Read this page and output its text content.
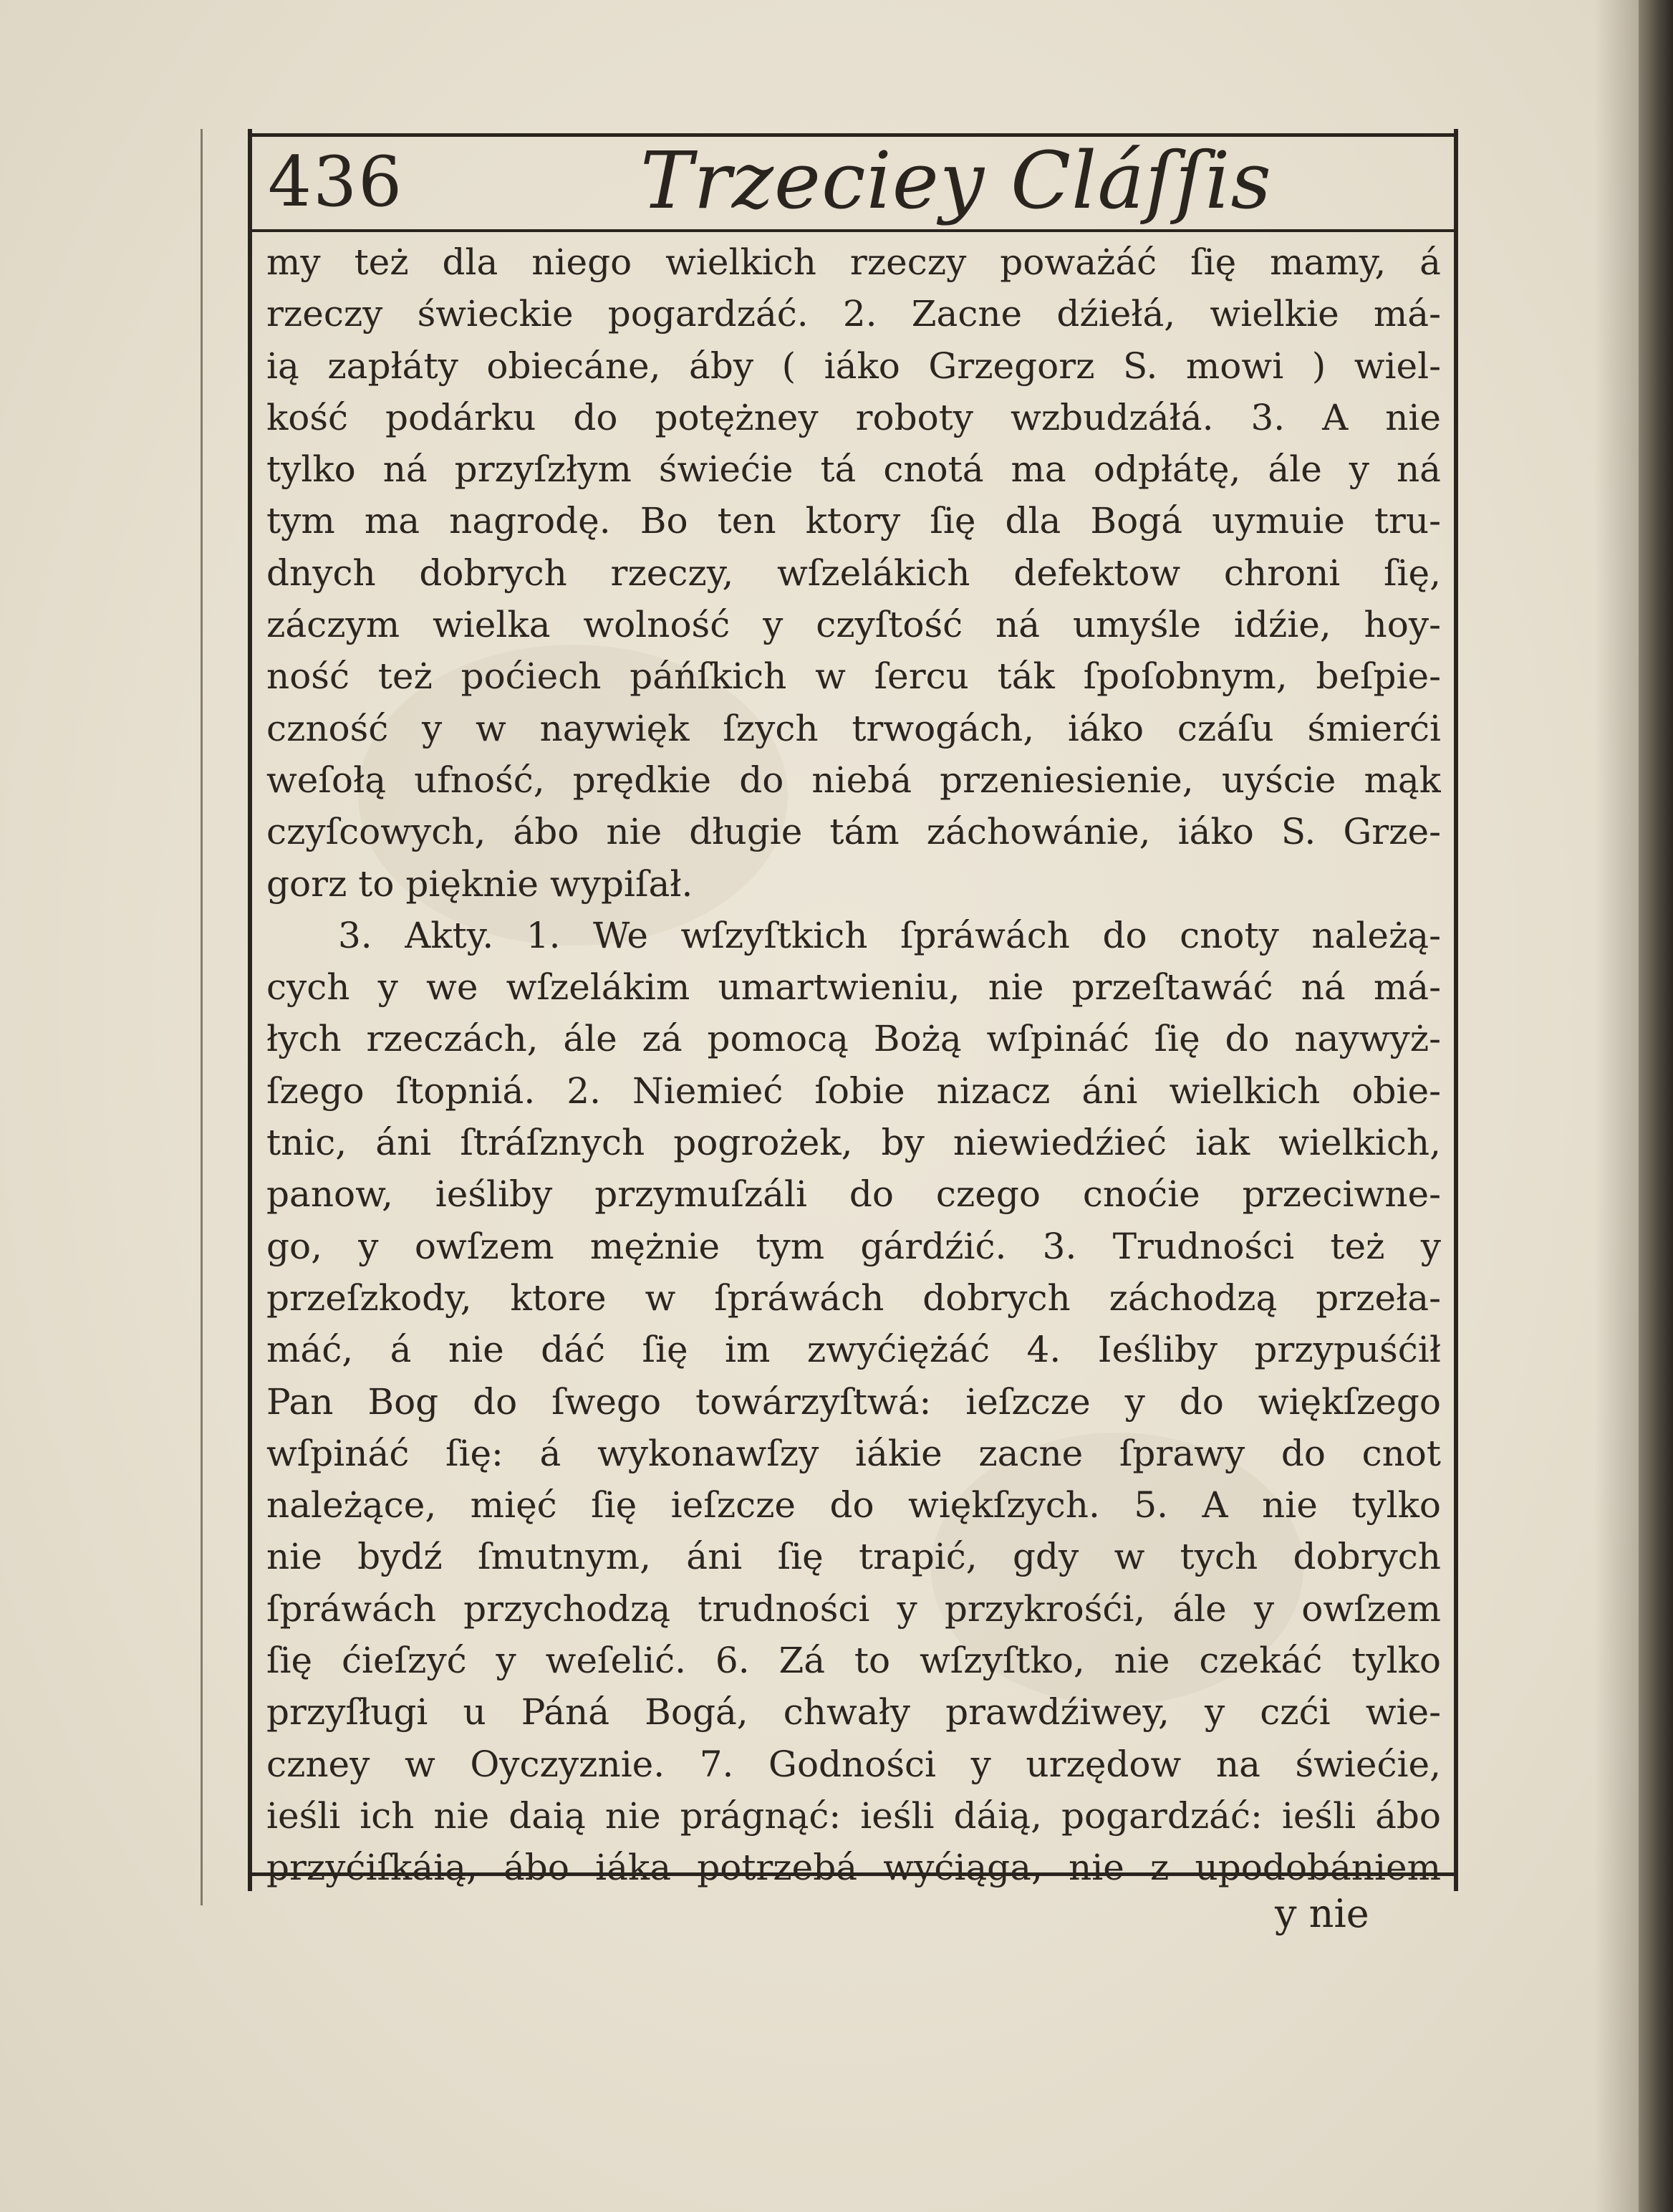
436	Trzeciey Cláſſis
my też dla niego wielkich rzeczy poważáć ſię mamy, á
rzeczy świeckie pogardzáć. 2. Zacne dźiełá, wielkie má-
ią zapłáty obiecáne, áby ( iáko Grzegorz S. mowi ) wiel-
kość podárku do potężney roboty wzbudzáłá. 3. A nie
tylko ná przyſzłym świećie tá cnotá ma odpłátę, ále y ná
tym ma nagrodę. Bo ten ktory ſię dla Bogá uymuie tru-
dnych dobrych rzeczy, wſzelákich defektow chroni ſię,
záczym wielka wolność y czyſtość ná umyśle idźie, hoy-
ność też poćiech páńſkich w ſercu ták ſpoſobnym, beſpie-
czność y w naywięk ſzych trwogách, iáko czáſu śmierći
weſołą ufność, prędkie do niebá przeniesienie, uyście mąk
czyſcowych, ábo nie długie tám záchowánie, iáko S. Grze-
gorz to pięknie wypiſał.
3. Akty. 1. We wſzyſtkich ſpráwách do cnoty należą-
cych y we wſzelákim umartwieniu, nie przeſtawáć ná má-
łych rzeczách, ále zá pomocą Bożą wſpináć ſię do naywyż-
ſzego ſtopniá. 2. Niemieć ſobie nizacz áni wielkich obie-
tnic, áni ſtráſznych pogrożek, by niewiedźieć iak wielkich,
panow, ieśliby przymuſzáli do czego cnoćie przeciwne-
go, y owſzem mężnie tym gárdźić. 3. Trudności też y
przeſzkody, ktore w ſpráwách dobrych záchodzą przeła-
máć, á nie dáć ſię im zwyćiężáć 4. Ieśliby przypuśćił
Pan Bog do ſwego towárzyſtwá: ieſzcze y do więkſzego
wſpináć ſię: á wykonawſzy iákie zacne ſprawy do cnot
należące, mięć ſię ieſzcze do więkſzych. 5. A nie tylko
nie bydź ſmutnym, áni ſię trapić, gdy w tych dobrych
ſpráwách przychodzą trudności y przykrośći, ále y owſzem
ſię ćieſzyć y weſelić. 6. Zá to wſzyſtko, nie czekáć tylko
przyſługi u Páná Bogá, chwały prawdźiwey, y czći wie-
czney w Oyczyznie. 7. Godności y urzędow na świećie,
ieśli ich nie daią nie prágnąć: ieśli dáią, pogardzáć: ieśli ábo
przyćiſkáią, ábo iáka potrzebá wyćiąga, nie z upodobániem
y nie
